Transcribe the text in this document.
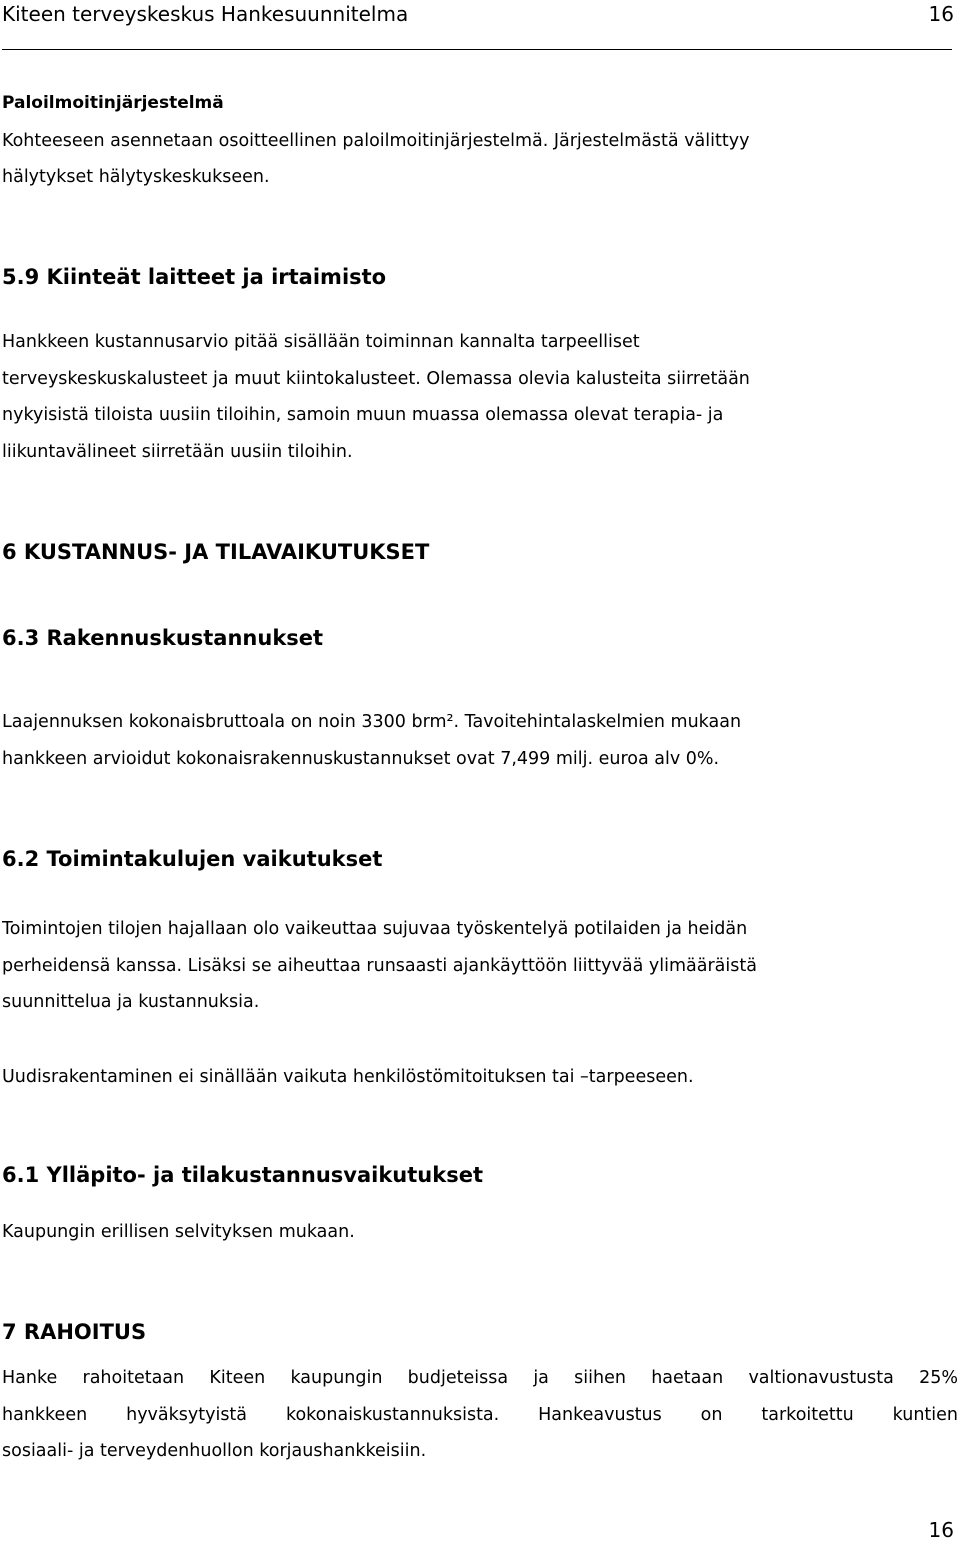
Kiteen terveyskeskus Hankesuunnitelma	16
Paloilmoitinjärjestelmä
Kohteeseen asennetaan osoitteellinen paloilmoitinjärjestelmä. Järjestelmästä välittyy
hälytykset hälytyskeskukseen.
5.9 Kiinteät laitteet ja irtaimisto
Hankkeen kustannusarvio pitää sisällään toiminnan kannalta tarpeelliset
terveyskeskuskalusteet ja muut kiintokalusteet. Olemassa olevia kalusteita siirretään
nykyisistä tiloista uusiin tiloihin, samoin muun muassa olemassa olevat terapia- ja
liikuntavälineet siirretään uusiin tiloihin.
6 KUSTANNUS- JA TILAVAIKUTUKSET
6.3 Rakennuskustannukset
Laajennuksen kokonaisbruttoala on noin 3300 brm². Tavoitehintalaskelmien mukaan
hankkeen arvioidut kokonaisrakennuskustannukset ovat 7,499 milj. euroa alv 0%.
6.2 Toimintakulujen vaikutukset
Toimintojen tilojen hajallaan olo vaikeuttaa sujuvaa työskentelyä potilaiden ja heidän
perheidensä kanssa. Lisäksi se aiheuttaa runsaasti ajankäyttöön liittyvää ylimääräistä
suunnittelua ja kustannuksia.
Uudisrakentaminen ei sinällään vaikuta henkilöstömitoituksen tai –tarpeeseen.
6.1 Ylläpito- ja tilakustannusvaikutukset
Kaupungin erillisen selvityksen mukaan.
7 RAHOITUS
Hanke rahoitetaan Kiteen kaupungin budjeteissa ja siihen haetaan valtionavustusta 25%
hankkeen hyväksytyistä kokonaiskustannuksista. Hankeavustus on tarkoitettu kuntien
sosiaali- ja terveydenhuollon korjaushankkeisiin.
16
